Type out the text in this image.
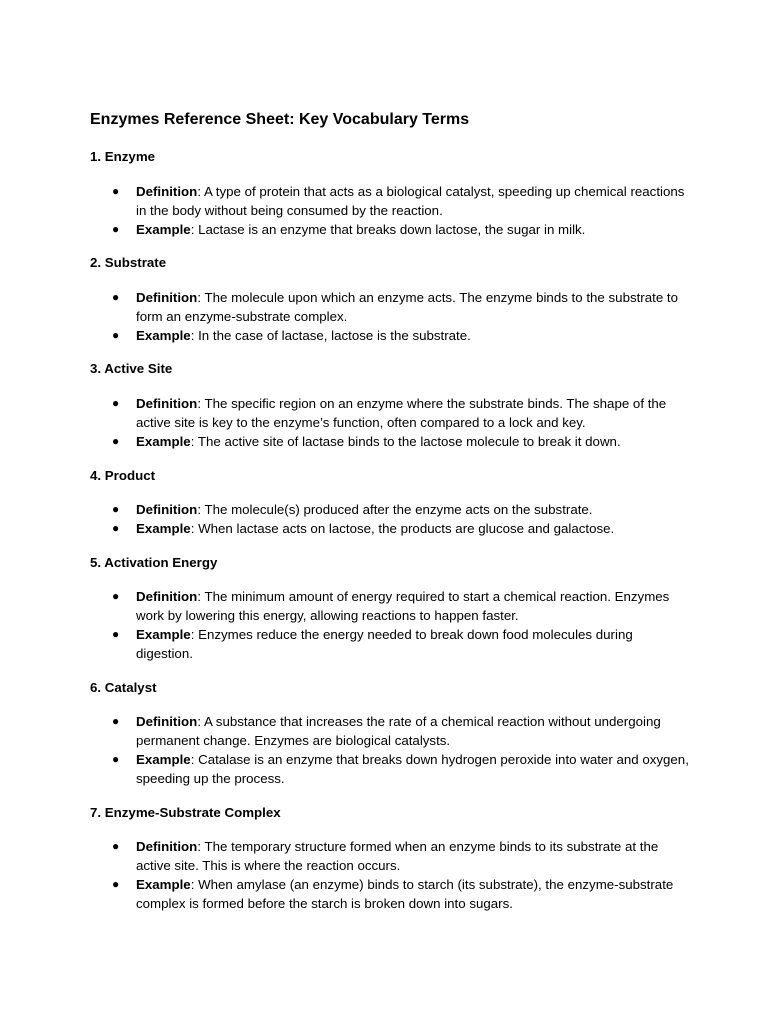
Enzymes Reference Sheet: Key Vocabulary Terms
1. Enzyme
● Definition: A type of protein that acts as a biological catalyst, speeding up chemical reactions in the body without being consumed by the reaction.
● Example: Lactase is an enzyme that breaks down lactose, the sugar in milk.
2. Substrate
● Definition: The molecule upon which an enzyme acts. The enzyme binds to the substrate to form an enzyme-substrate complex.
● Example: In the case of lactase, lactose is the substrate.
3. Active Site
● Definition: The specific region on an enzyme where the substrate binds. The shape of the active site is key to the enzyme’s function, often compared to a lock and key.
● Example: The active site of lactase binds to the lactose molecule to break it down.
4. Product
● Definition: The molecule(s) produced after the enzyme acts on the substrate.
● Example: When lactase acts on lactose, the products are glucose and galactose.
5. Activation Energy
● Definition: The minimum amount of energy required to start a chemical reaction. Enzymes work by lowering this energy, allowing reactions to happen faster.
● Example: Enzymes reduce the energy needed to break down food molecules during digestion.
6. Catalyst
● Definition: A substance that increases the rate of a chemical reaction without undergoing permanent change. Enzymes are biological catalysts.
● Example: Catalase is an enzyme that breaks down hydrogen peroxide into water and oxygen, speeding up the process.
7. Enzyme-Substrate Complex
● Definition: The temporary structure formed when an enzyme binds to its substrate at the active site. This is where the reaction occurs.
● Example: When amylase (an enzyme) binds to starch (its substrate), the enzyme-substrate complex is formed before the starch is broken down into sugars.
